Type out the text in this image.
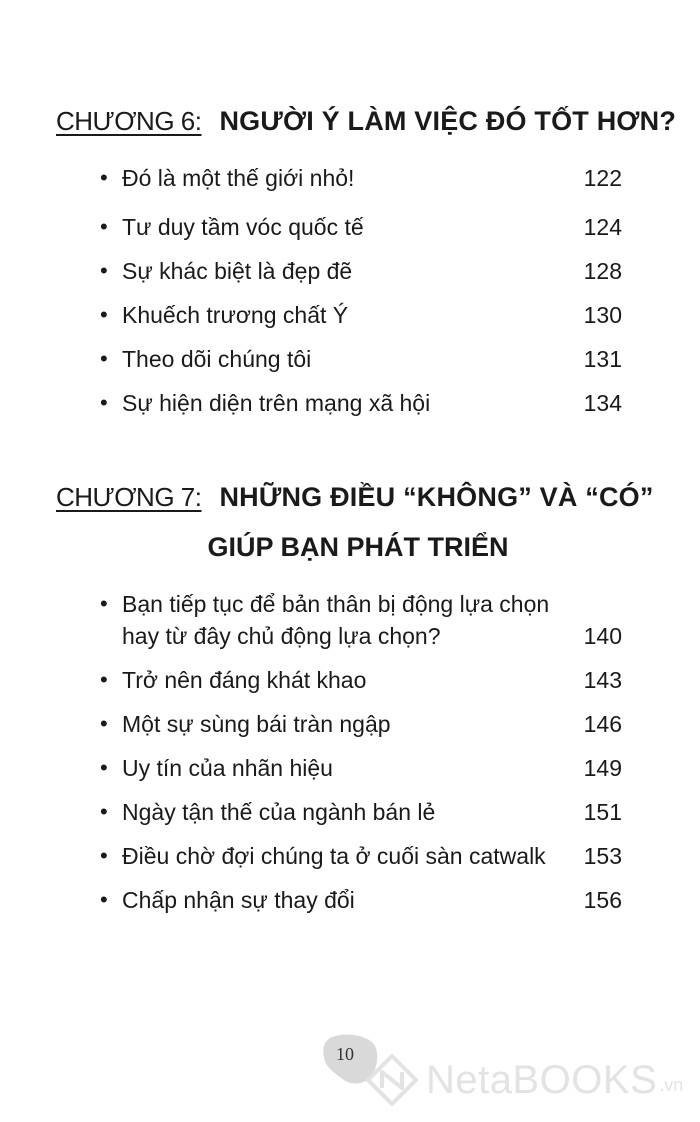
CHƯƠNG 6: NGƯỜI Ý LÀM VIỆC ĐÓ TỐT HƠN?
• Đó là một thế giới nhỏ!	122
• Tư duy tầm vóc quốc tế	124
• Sự khác biệt là đẹp đẽ	128
• Khuếch trương chất Ý	130
• Theo dõi chúng tôi	131
• Sự hiện diện trên mạng xã hội	134
CHƯƠNG 7: NHỮNG ĐIỀU “KHÔNG” VÀ “CÓ”
GIÚP BẠN PHÁT TRIỂN
• Bạn tiếp tục để bản thân bị động lựa chọn
hay từ đây chủ động lựa chọn?	140
• Trở nên đáng khát khao	143
• Một sự sùng bái tràn ngập	146
• Uy tín của nhãn hiệu	149
• Ngày tận thế của ngành bán lẻ	151
• Điều chờ đợi chúng ta ở cuối sàn catwalk	153
• Chấp nhận sự thay đổi	156
10
NetaBOOKS .vn
